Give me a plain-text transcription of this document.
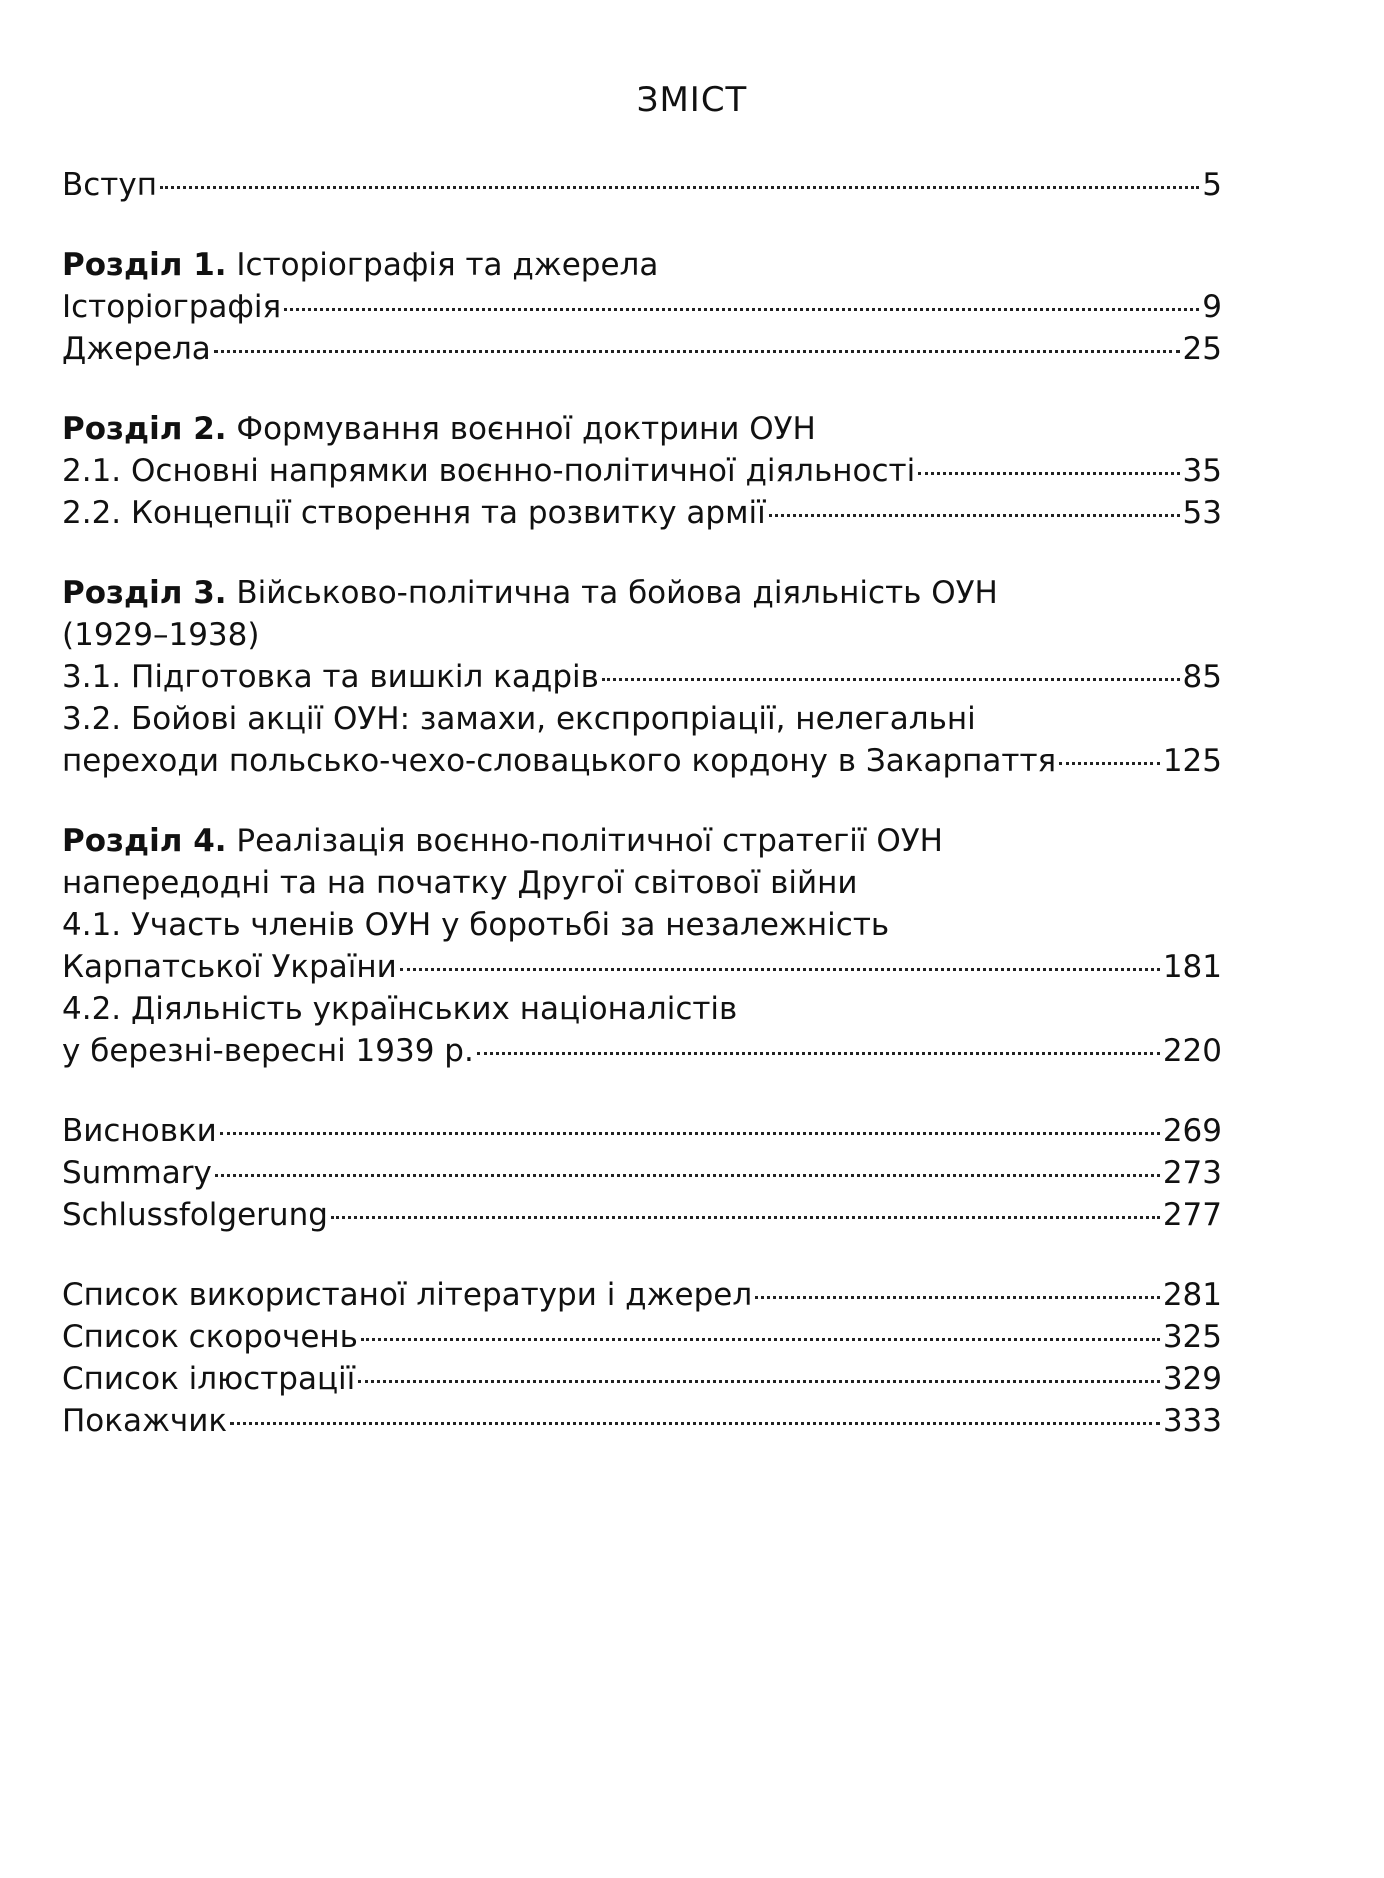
ЗМІСТ
Вступ	5
Розділ 1. Історіографія та джерела
Історіографія	9
Джерела	25
Розділ 2. Формування воєнної доктрини ОУН
2.1. Основні напрямки воєнно-політичної діяльності	35
2.2. Концепції створення та розвитку армії	53
Розділ 3. Військово-політична та бойова діяльність ОУН
(1929–1938)
3.1. Підготовка та вишкіл кадрів	85
3.2. Бойові акції ОУН: замахи, експропріації, нелегальні
переходи польсько-чехо-словацького кордону в Закарпаття	125
Розділ 4. Реалізація воєнно-політичної стратегії ОУН
напередодні та на початку Другої світової війни
4.1. Участь членів ОУН у боротьбі за незалежність
Карпатської України	181
4.2. Діяльність українських націоналістів
у березні-вересні 1939 р.	220
Висновки	269
Summary	273
Schlussfolgerung	277
Список використаної літератури і джерел	281
Список скорочень	325
Список ілюстрації	329
Покажчик	333
